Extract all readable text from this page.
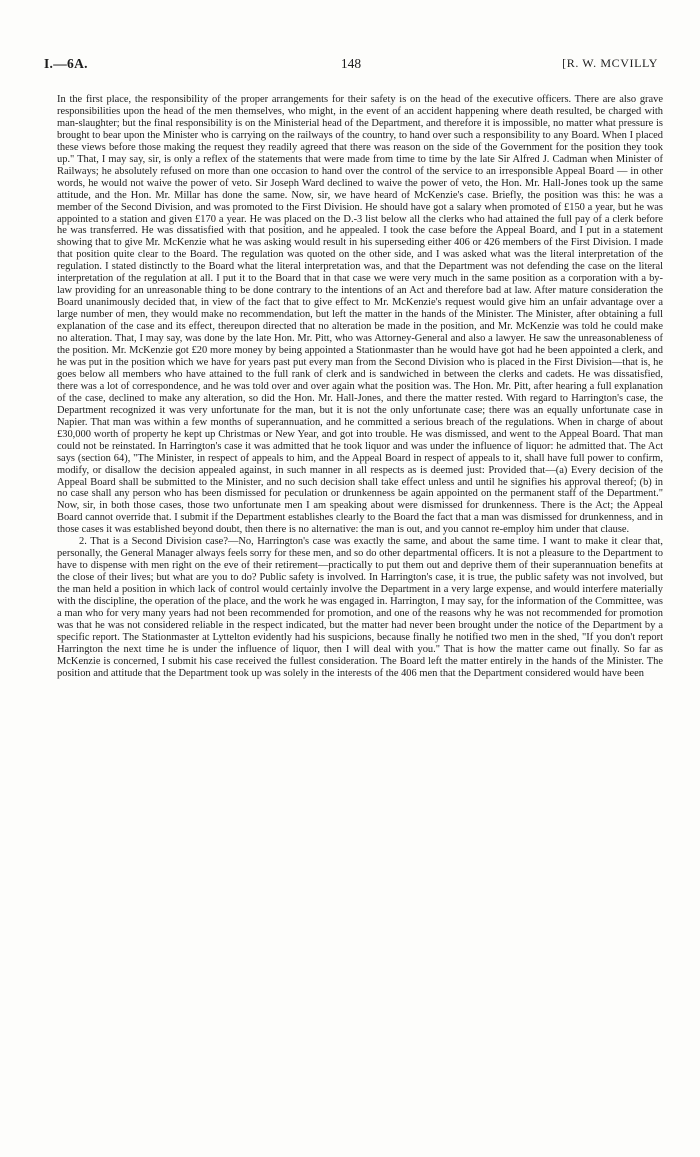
I.—6A.	148	[R. W. MCVILLY

In the first place, the responsibility of the proper arrangements for their safety is on the head of the executive officers. There are also grave responsibilities upon the head of the men themselves, who might, in the event of an accident happening where death resulted, be charged with man-slaughter; but the final responsibility is on the Ministerial head of the Department, and therefore it is impossible, no matter what pressure is brought to bear upon the Minister who is carrying on the railways of the country, to hand over such a responsibility to any Board. When I placed these views before those making the request they readily agreed that there was reason on the side of the Government for the position they took up." That, I may say, sir, is only a reflex of the statements that were made from time to time by the late Sir Alfred J. Cadman when Minister of Railways; he absolutely refused on more than one occasion to hand over the control of the service to an irresponsible Appeal Board — in other words, he would not waive the power of veto. Sir Joseph Ward declined to waive the power of veto, the Hon. Mr. Hall-Jones took up the same attitude, and the Hon. Mr. Millar has done the same. Now, sir, we have heard of McKenzie's case. Briefly, the position was this: he was a member of the Second Division, and was promoted to the First Division. He should have got a salary when promoted of £150 a year, but he was appointed to a station and given £170 a year. He was placed on the D.-3 list below all the clerks who had attained the full pay of a clerk before he was transferred. He was dissatisfied with that position, and he appealed. I took the case before the Appeal Board, and I put in a statement showing that to give Mr. McKenzie what he was asking would result in his superseding either 406 or 426 members of the First Division. I made that position quite clear to the Board. The regulation was quoted on the other side, and I was asked what was the literal interpretation of the regulation. I stated distinctly to the Board what the literal interpretation was, and that the Department was not defending the case on the literal interpretation of the regulation at all. I put it to the Board that in that case we were very much in the same position as a corporation with a by-law providing for an unreasonable thing to be done contrary to the intentions of an Act and therefore bad at law. After mature consideration the Board unanimously decided that, in view of the fact that to give effect to Mr. McKenzie's request would give him an unfair advantage over a large number of men, they would make no recommendation, but left the matter in the hands of the Minister. The Minister, after obtaining a full explanation of the case and its effect, thereupon directed that no alteration be made in the position, and Mr. McKenzie was told he could make no alteration. That, I may say, was done by the late Hon. Mr. Pitt, who was Attorney-General and also a lawyer. He saw the unreasonableness of the position. Mr. McKenzie got £20 more money by being appointed a Stationmaster than he would have got had he been appointed a clerk, and he was put in the position which we have for years past put every man from the Second Division who is placed in the First Division—that is, he goes below all members who have attained to the full rank of clerk and is sandwiched in between the clerks and cadets. He was dissatisfied, there was a lot of correspondence, and he was told over and over again what the position was. The Hon. Mr. Pitt, after hearing a full explanation of the case, declined to make any alteration, so did the Hon. Mr. Hall-Jones, and there the matter rested. With regard to Harrington's case, the Department recognized it was very unfortunate for the man, but it is not the only unfortunate case; there was an equally unfortunate case in Napier. That man was within a few months of superannuation, and he committed a serious breach of the regulations. When in charge of about £30,000 worth of property he kept up Christmas or New Year, and got into trouble. He was dismissed, and went to the Appeal Board. That man could not be reinstated. In Harrington's case it was admitted that he took liquor and was under the influence of liquor: he admitted that. The Act says (section 64), "The Minister, in respect of appeals to him, and the Appeal Board in respect of appeals to it, shall have full power to confirm, modify, or disallow the decision appealed against, in such manner in all respects as is deemed just: Provided that—(a) Every decision of the Appeal Board shall be submitted to the Minister, and no such decision shall take effect unless and until he signifies his approval thereof; (b) in no case shall any person who has been dismissed for peculation or drunkenness be again appointed on the permanent staff of the Department." Now, sir, in both those cases, those two unfortunate men I am speaking about were dismissed for drunkenness. There is the Act; the Appeal Board cannot override that. I submit if the Department establishes clearly to the Board the fact that a man was dismissed for drunkenness, and in those cases it was established beyond doubt, then there is no alternative: the man is out, and you cannot re-employ him under that clause.

2. That is a Second Division case?—No, Harrington's case was exactly the same, and about the same time. I want to make it clear that, personally, the General Manager always feels sorry for these men, and so do other departmental officers. It is not a pleasure to the Department to have to dispense with men right on the eve of their retirement—practically to put them out and deprive them of their superannuation benefits at the close of their lives; but what are you to do? Public safety is involved. In Harrington's case, it is true, the public safety was not involved, but the man held a position in which lack of control would certainly involve the Department in a very large expense, and would interfere materially with the discipline, the operation of the place, and the work he was engaged in. Harrington, I may say, for the information of the Committee, was a man who for very many years had not been recommended for promotion, and one of the reasons why he was not recommended for promotion was that he was not considered reliable in the respect indicated, but the matter had never been brought under the notice of the Department by a specific report. The Stationmaster at Lyttelton evidently had his suspicions, because finally he notified two men in the shed, "If you don't report Harrington the next time he is under the influence of liquor, then I will deal with you." That is how the matter came out finally. So far as McKenzie is concerned, I submit his case received the fullest consideration. The Board left the matter entirely in the hands of the Minister. The position and attitude that the Department took up was solely in the interests of the 406 men that the Department considered would have been
